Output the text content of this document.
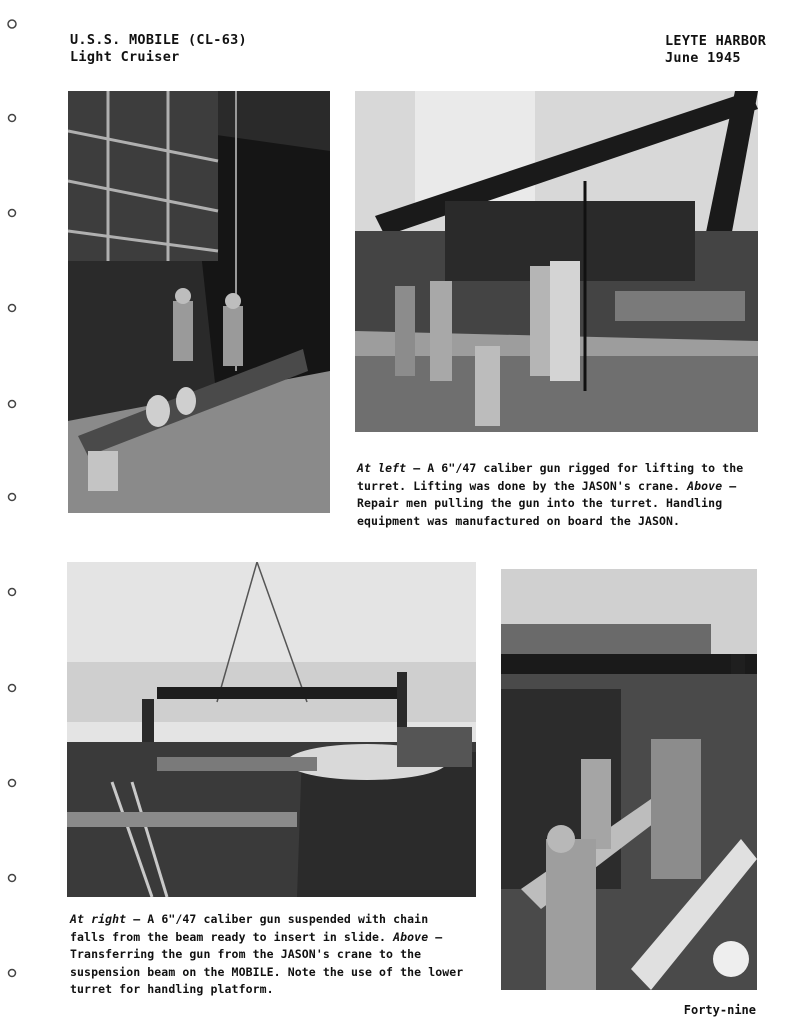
U.S.S. MOBILE (CL-63)
Light Cruiser
LEYTE HARBOR
June 1945
At left — A 6"/47 caliber gun rigged for lifting to the turret. Lifting was done by the JASON's crane. Above — Repair men pulling the gun into the turret. Handling equipment was manufactured on board the JASON.
At right — A 6"/47 caliber gun suspended with chain falls from the beam ready to insert in slide. Above — Transferring the gun from the JASON's crane to the suspension beam on the MOBILE. Note the use of the lower turret for handling platform.
Forty-nine
